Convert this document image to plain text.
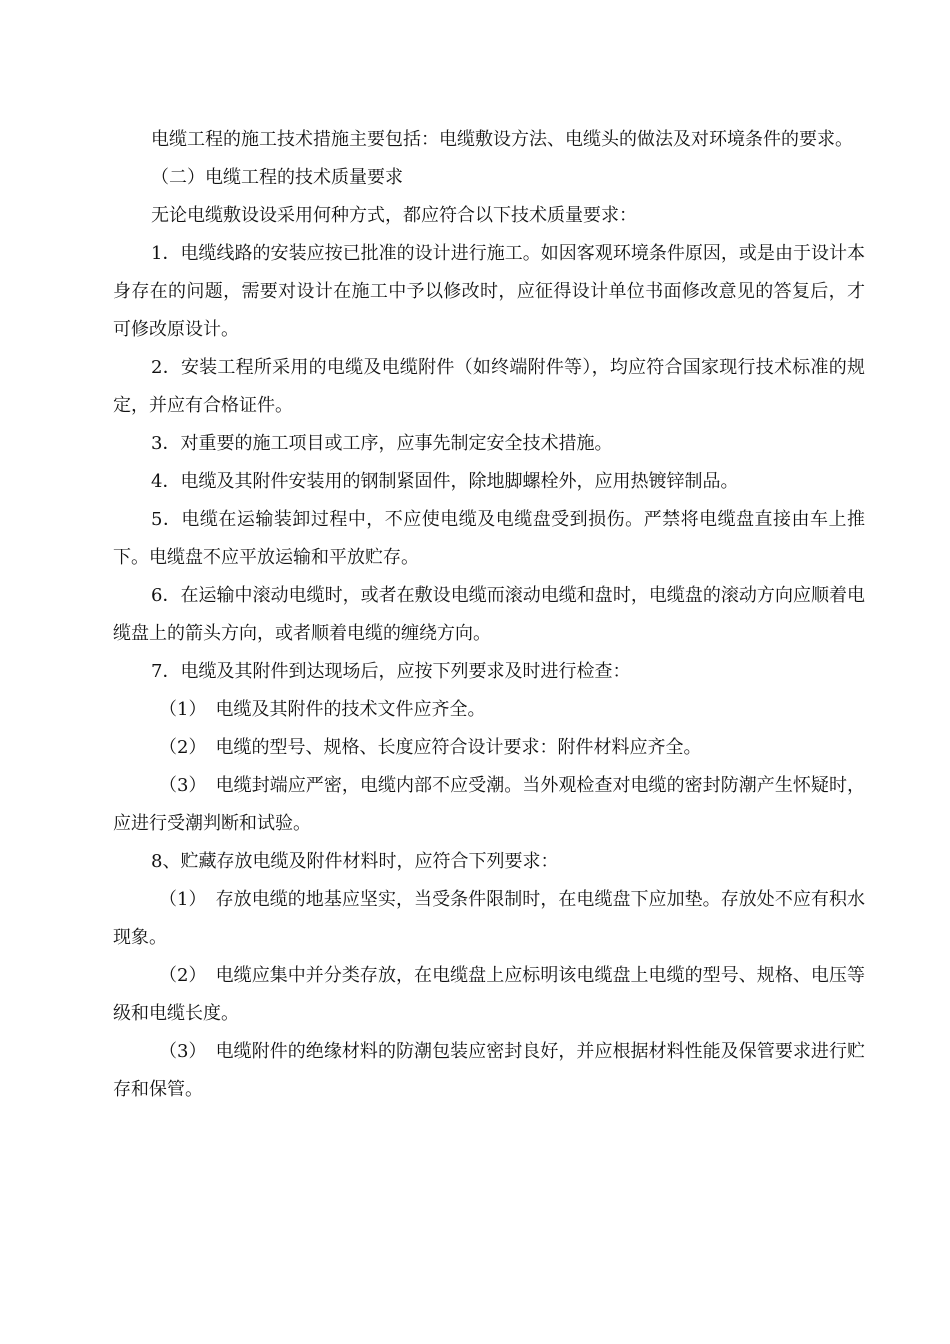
电缆工程的施工技术措施主要包括：电缆敷设方法、电缆头的做法及对环境条件的要求。

（二）电缆工程的技术质量要求

无论电缆敷设设采用何种方式，都应符合以下技术质量要求：

1．电缆线路的安装应按已批准的设计进行施工。如因客观环境条件原因，或是由于设计本身存在的问题，需要对设计在施工中予以修改时，应征得设计单位书面修改意见的答复后，才可修改原设计。

2．安装工程所采用的电缆及电缆附件（如终端附件等），均应符合国家现行技术标准的规定，并应有合格证件。

3．对重要的施工项目或工序，应事先制定安全技术措施。

4．电缆及其附件安装用的钢制紧固件，除地脚螺栓外，应用热镀锌制品。

5．电缆在运输装卸过程中，不应使电缆及电缆盘受到损伤。严禁将电缆盘直接由车上推下。电缆盘不应平放运输和平放贮存。

6．在运输中滚动电缆时，或者在敷设电缆而滚动电缆和盘时，电缆盘的滚动方向应顺着电缆盘上的箭头方向，或者顺着电缆的缠绕方向。

7．电缆及其附件到达现场后，应按下列要求及时进行检查：

（1）　电缆及其附件的技术文件应齐全。

（2）　电缆的型号、规格、长度应符合设计要求：附件材料应齐全。

（3）　电缆封端应严密，电缆内部不应受潮。当外观检查对电缆的密封防潮产生怀疑时，应进行受潮判断和试验。

8、贮藏存放电缆及附件材料时，应符合下列要求：

（1）　存放电缆的地基应坚实，当受条件限制时，在电缆盘下应加垫。存放处不应有积水现象。

（2）　电缆应集中并分类存放，在电缆盘上应标明该电缆盘上电缆的型号、规格、电压等级和电缆长度。

（3）　电缆附件的绝缘材料的防潮包装应密封良好，并应根据材料性能及保管要求进行贮存和保管。
